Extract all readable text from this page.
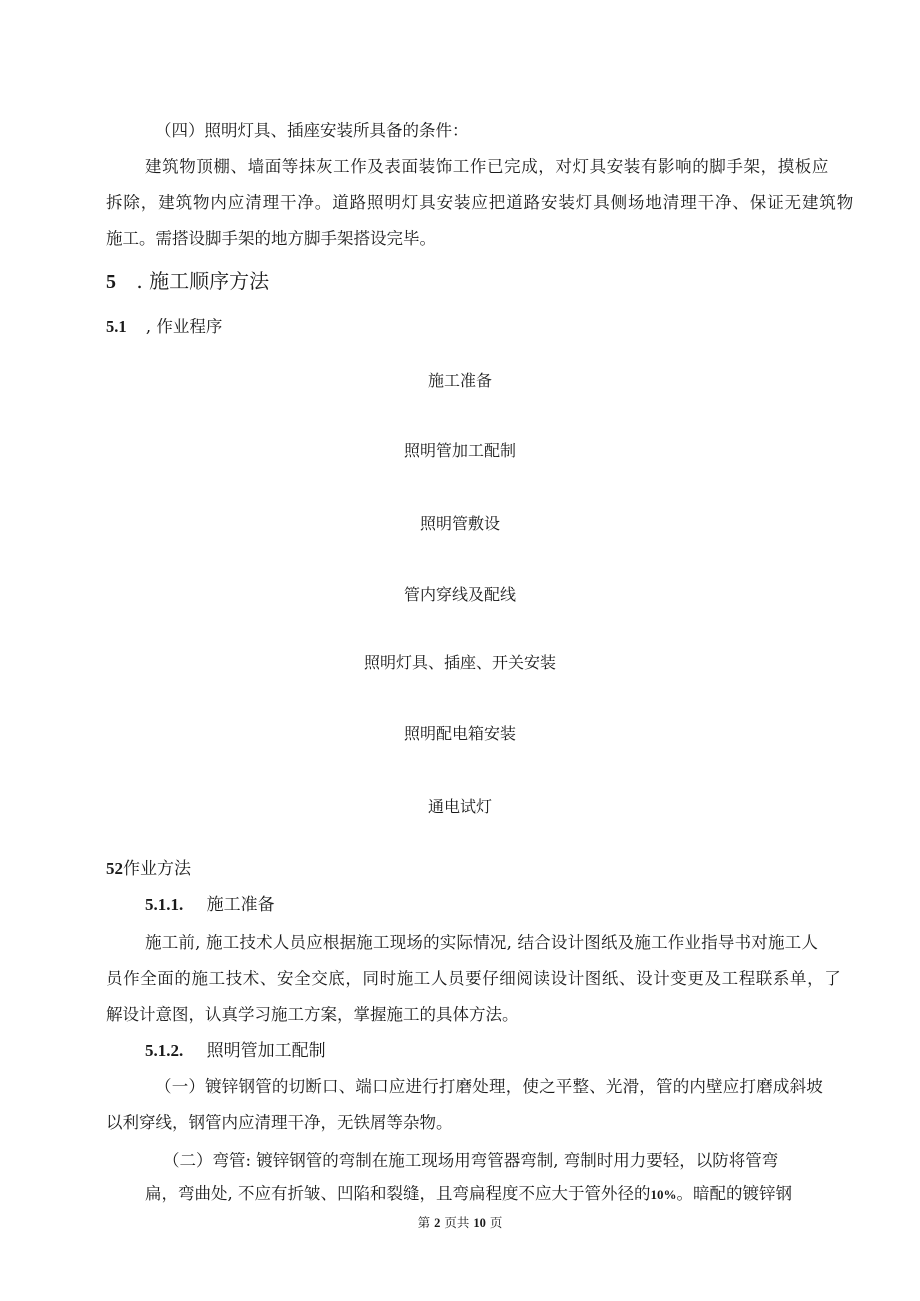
（四）照明灯具、插座安装所具备的条件：
建筑物顶棚、墙面等抹灰工作及表面装饰工作已完成，对灯具安装有影响的脚手架，摸板应
拆除，建筑物内应清理干净。道路照明灯具安装应把道路安装灯具侧场地清理干净、保证无建筑物
施工。需搭设脚手架的地方脚手架搭设完毕。
5 . 施工顺序方法
5.1 , 作业程序
施工准备
照明管加工配制
照明管敷设
管内穿线及配线
照明灯具、插座、开关安装
照明配电箱安装
通电试灯
52作业方法
5.1.1. 施工准备
施工前, 施工技术人员应根据施工现场的实际情况, 结合设计图纸及施工作业指导书对施工人
员作全面的施工技术、安全交底，同时施工人员要仔细阅读设计图纸、设计变更及工程联系单，了
解设计意图，认真学习施工方案，掌握施工的具体方法。
5.1.2. 照明管加工配制
（一）镀锌钢管的切断口、端口应进行打磨处理，使之平整、光滑，管的内壁应打磨成斜坡
以利穿线，钢管内应清理干净，无铁屑等杂物。
（二）弯管: 镀锌钢管的弯制在施工现场用弯管器弯制, 弯制时用力要轻，以防将管弯
扁，弯曲处, 不应有折皱、凹陷和裂缝，且弯扁程度不应大于管外径的10%。暗配的镀锌钢
第 2 页共 10 页
